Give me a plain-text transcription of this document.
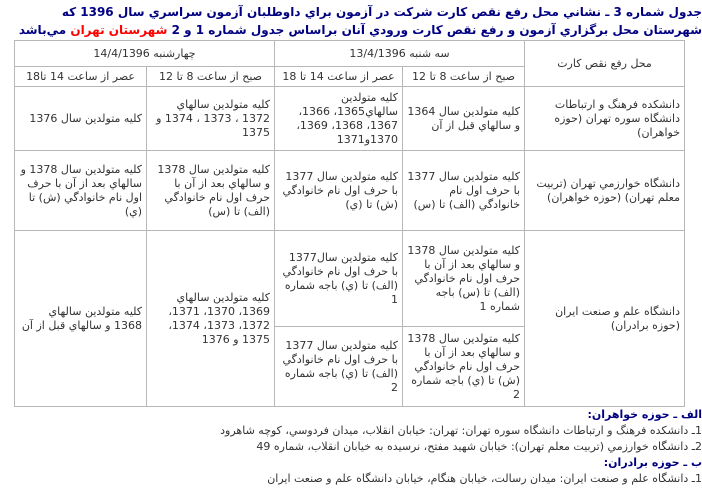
جدول شماره 3 ـ نشاني محل رفع نقص کارت شرکت در آزمون براي داوطلبان آزمون سراسري سال 1396 که
شهرستان محل برگزاري آزمون و رفع نقص کارت ورودي آنان براساس جدول شماره 1 و 2 شهرستان تهران مي‌باشد
محل رفع نقص کارت	سه شنبه 13/4/1396		چهارشنبه 14/4/1396	
	صبح از ساعت 8 تا 12	عصر از ساعت 14 تا 18	صبح از ساعت 8 تا 12	عصر از ساعت 14 تا18
دانشکده فرهنگ و ارتباطات دانشگاه سوره تهران (حوزه خواهران)	کليه متولدين سال 1364 و سالهاي قبل از آن	کليه متولدين سالهاي1365، 1366، 1367، 1368، 1369، 1370و1371	کليه متولدين سالهاي 1372 ، 1373 ، 1374 و 1375	کليه متولدين سال 1376
دانشگاه خوارزمي تهران (تربيت معلم تهران) (حوزه خواهران)	کليه متولدين سال 1377 با حرف اول نام خانوادگي (الف) تا (س)	کليه متولدين سال 1377 با حرف اول نام خانوادگي (ش) تا (ي)	کليه متولدين سال 1378 و سالهاي بعد از آن با حرف اول نام خانوادگي (الف) تا (س)	کليه متولدين سال 1378 و سالهاي بعد از آن با حرف اول نام خانوادگي (ش) تا (ي)
دانشگاه علم و صنعت ايران (حوزه برادران)	کليه متولدين سال 1378 و سالهاي بعد از آن با حرف اول نام خانوادگي (الف) تا (س) باجه شماره 1	کليه متولدين سال1377 با حرف اول نام خانوادگي (الف) تا (ي) باجه شماره 1	کليه متولدين سالهاي 1369، 1370، 1371، 1372، 1373، 1374، 1375 و 1376	کليه متولدين سالهاي 1368 و سالهاي قبل از آن
	کليه متولدين سال 1378 و سالهاي بعد از آن با حرف اول نام خانوادگي (ش) تا (ي) باجه شماره 2	کليه متولدين سال 1377 با حرف اول نام خانوادگي (الف) تا (ي) باجه شماره 2		
الف ـ حوزه خواهران:
1ـ دانشکده فرهنگ و ارتباطات دانشگاه سوره تهران: تهران: خيابان انقلاب، ميدان فردوسي، کوچه شاهرود
2ـ دانشگاه خوارزمي (تربيت معلم تهران): خيابان شهيد مفتح، نرسيده به خيابان انقلاب، شماره 49
ب ـ حوزه برادران:
1ـ دانشگاه علم و صنعت ايران: ميدان رسالت، خيابان هنگام، خيابان دانشگاه علم و صنعت ايران
